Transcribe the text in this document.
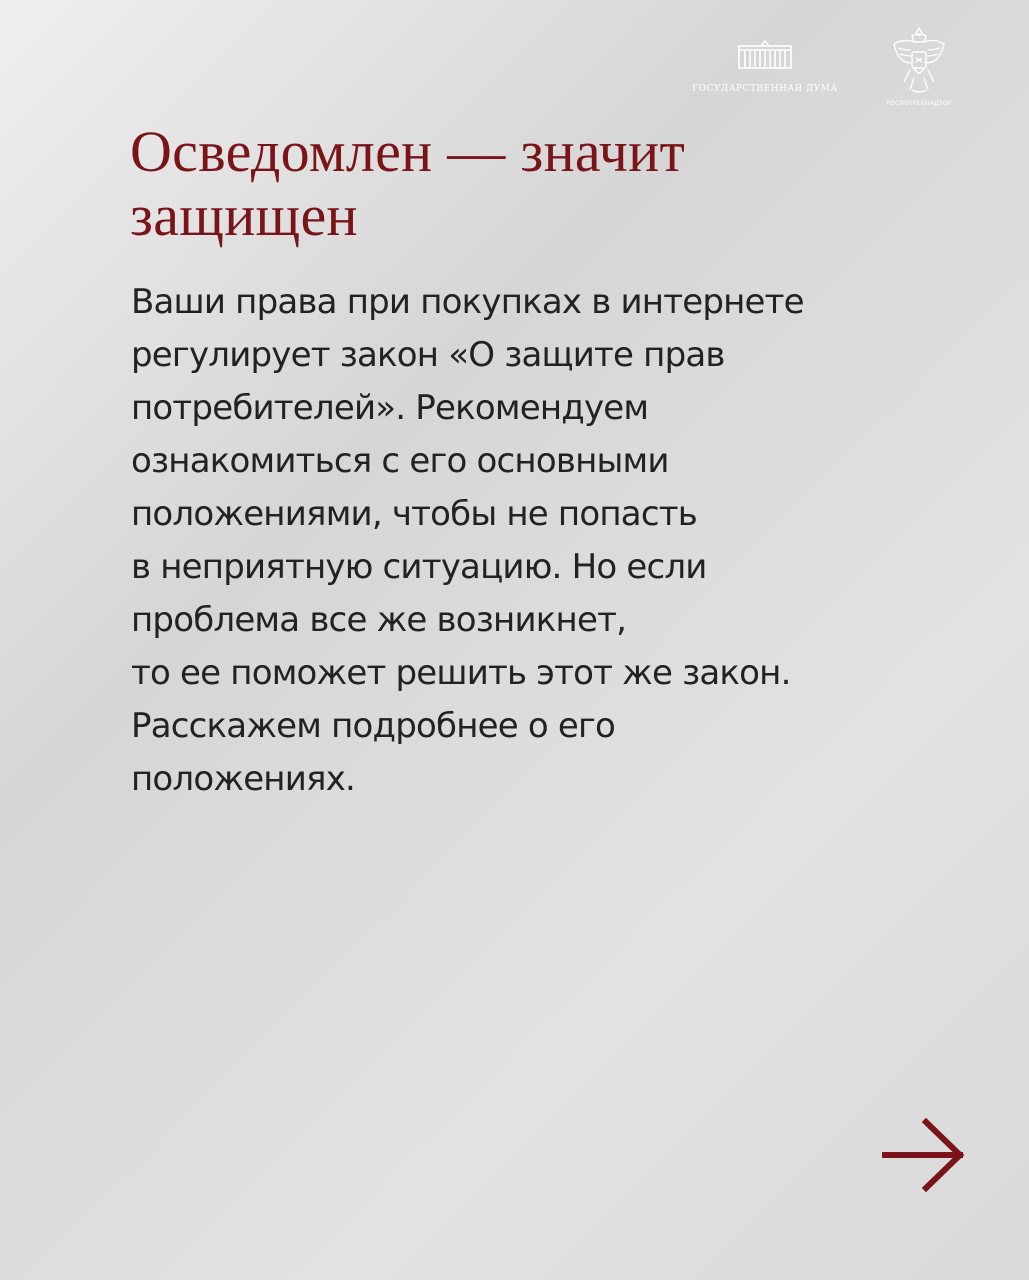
ГОСУДАРСТВЕННАЯ ДУМА
РОСПОТРЕБНАДЗОР
Осведомлен — значит
защищен

Ваши права при покупках в интернете
регулирует закон «О защите прав
потребителей». Рекомендуем
ознакомиться с его основными
положениями, чтобы не попасть
в неприятную ситуацию. Но если
проблема все же возникнет,
то ее поможет решить этот же закон.
Расскажем подробнее о его
положениях.
